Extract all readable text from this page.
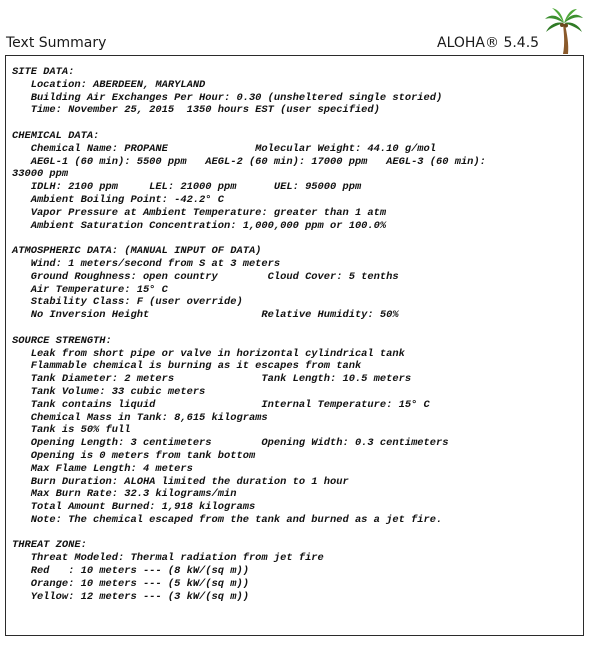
Text Summary	ALOHA® 5.4.5
SITE DATA:
Location: ABERDEEN, MARYLAND
Building Air Exchanges Per Hour: 0.30 (unsheltered single storied)
Time: November 25, 2015  1350 hours EST (user specified)
CHEMICAL DATA:
Chemical Name: PROPANE              Molecular Weight: 44.10 g/mol
AEGL-1 (60 min): 5500 ppm   AEGL-2 (60 min): 17000 ppm   AEGL-3 (60 min):
33000 ppm
IDLH: 2100 ppm     LEL: 21000 ppm      UEL: 95000 ppm
Ambient Boiling Point: -42.2° C
Vapor Pressure at Ambient Temperature: greater than 1 atm
Ambient Saturation Concentration: 1,000,000 ppm or 100.0%
ATMOSPHERIC DATA: (MANUAL INPUT OF DATA)
Wind: 1 meters/second from S at 3 meters
Ground Roughness: open country        Cloud Cover: 5 tenths
Air Temperature: 15° C
Stability Class: F (user override)
No Inversion Height                  Relative Humidity: 50%
SOURCE STRENGTH:
Leak from short pipe or valve in horizontal cylindrical tank
Flammable chemical is burning as it escapes from tank
Tank Diameter: 2 meters              Tank Length: 10.5 meters
Tank Volume: 33 cubic meters
Tank contains liquid                 Internal Temperature: 15° C
Chemical Mass in Tank: 8,615 kilograms
Tank is 50% full
Opening Length: 3 centimeters        Opening Width: 0.3 centimeters
Opening is 0 meters from tank bottom
Max Flame Length: 4 meters
Burn Duration: ALOHA limited the duration to 1 hour
Max Burn Rate: 32.3 kilograms/min
Total Amount Burned: 1,918 kilograms
Note: The chemical escaped from the tank and burned as a jet fire.
THREAT ZONE:
Threat Modeled: Thermal radiation from jet fire
Red   : 10 meters --- (8 kW/(sq m))
Orange: 10 meters --- (5 kW/(sq m))
Yellow: 12 meters --- (3 kW/(sq m))
